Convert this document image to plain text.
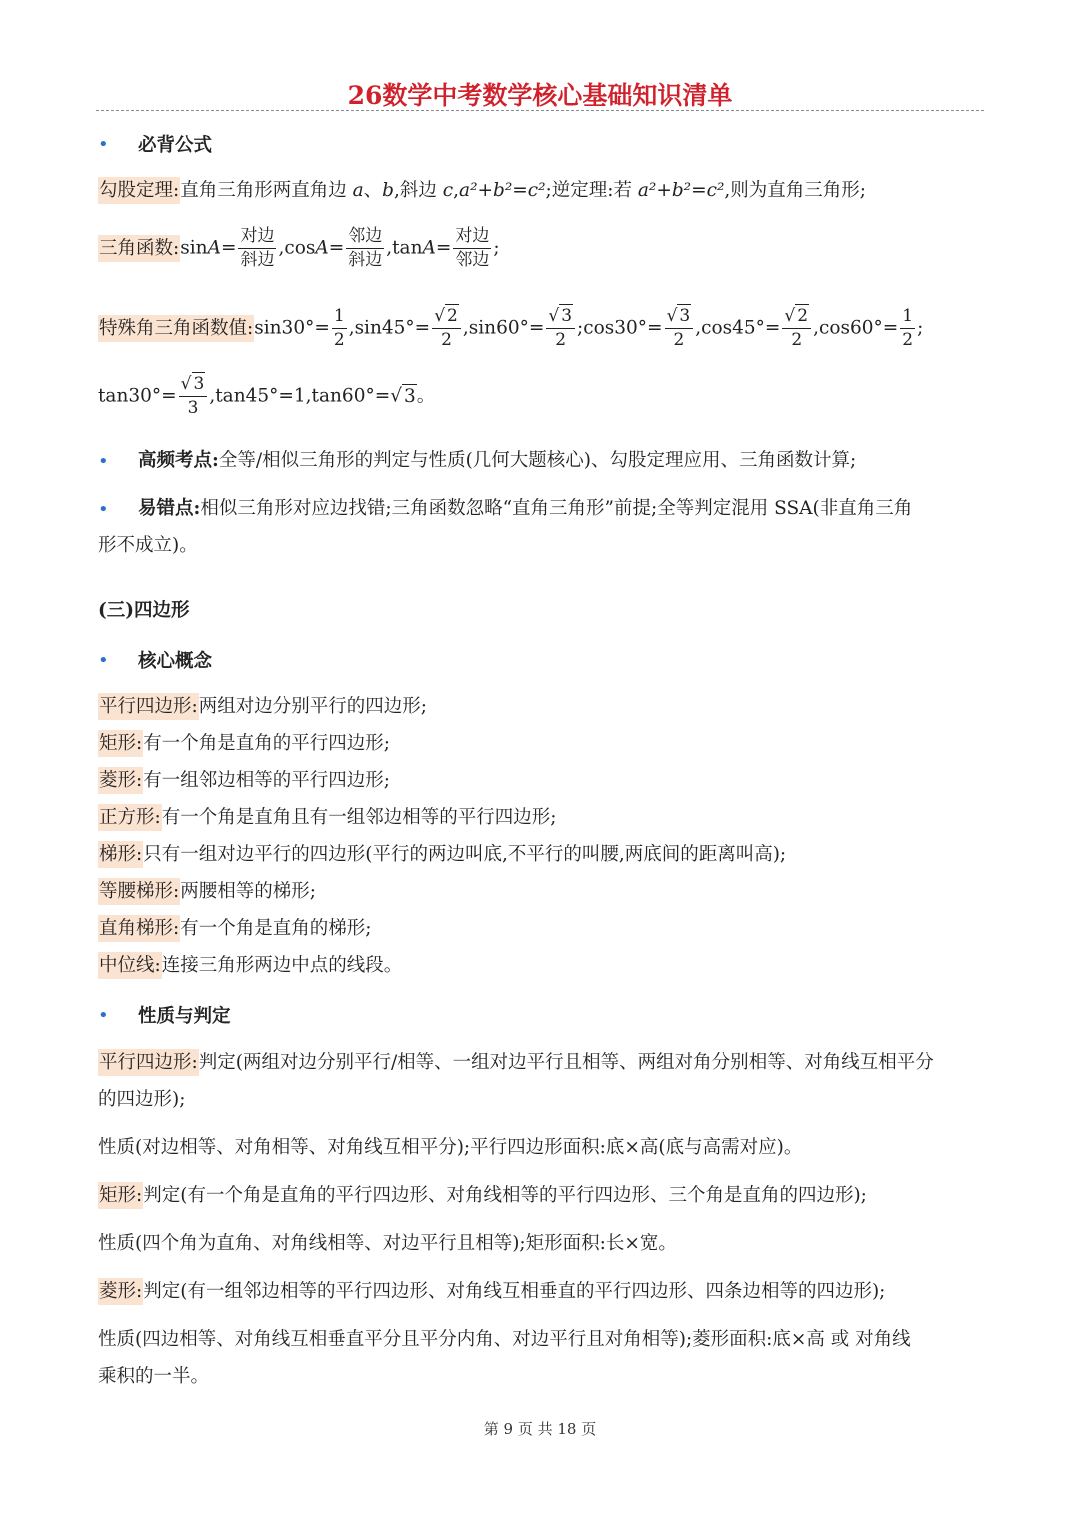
26数学中考数学核心基础知识清单
• 必背公式
勾股定理:直角三角形两直角边 a、b,斜边 c,a²+b²=c²;逆定理:若 a²+b²=c²,则为直角三角形;
三角函数:sinA= $\frac{\text{对边}}{\text{斜边}} ,\cos A= \frac{\text{邻边}}{\text{斜边}} ,\tan A= \frac{\text{对边}}{\text{邻边}}$ ;
特殊角三角函数值:sin30°= $\frac{1}{2} ,\sin 45^\circ= \frac{√ 2}{2} ,\sin 60^\circ= \frac{√ 3}{2}$ ;cos30°= $\frac{√ 3}{2} ,\cos 45^\circ= \frac{√ 2}{2} ,\cos 60^\circ= \frac{1}{2}$ ;
$\tan 30^\circ= \frac{√ 3}{3} ,\tan 45^\circ=1,\tan 60^\circ=√$ 3。
• 高频考点:全等/相似三角形的判定与性质(几何大题核心)、勾股定理应用、三角函数计算;
• 易错点:相似三角形对应边找错;三角函数忽略“直角三角形”前提;全等判定混用 SSA(非直角三角
形不成立)。
(三)四边形
• 核心概念
平行四边形:两组对边分别平行的四边形;
矩形:有一个角是直角的平行四边形;
菱形:有一组邻边相等的平行四边形;
正方形:有一个角是直角且有一组邻边相等的平行四边形;
梯形:只有一组对边平行的四边形(平行的两边叫底,不平行的叫腰,两底间的距离叫高);
等腰梯形:两腰相等的梯形;
直角梯形:有一个角是直角的梯形;
中位线:连接三角形两边中点的线段。
• 性质与判定
平行四边形:判定(两组对边分别平行/相等、一组对边平行且相等、两组对角分别相等、对角线互相平分
的四边形);
性质(对边相等、对角相等、对角线互相平分);平行四边形面积:底×高(底与高需对应)。
矩形:判定(有一个角是直角的平行四边形、对角线相等的平行四边形、三个角是直角的四边形);
性质(四个角为直角、对角线相等、对边平行且相等);矩形面积:长×宽。
菱形:判定(有一组邻边相等的平行四边形、对角线互相垂直的平行四边形、四条边相等的四边形);
性质(四边相等、对角线互相垂直平分且平分内角、对边平行且对角相等);菱形面积:底×高 或 对角线
乘积的一半。
第 9 页 共 18 页
